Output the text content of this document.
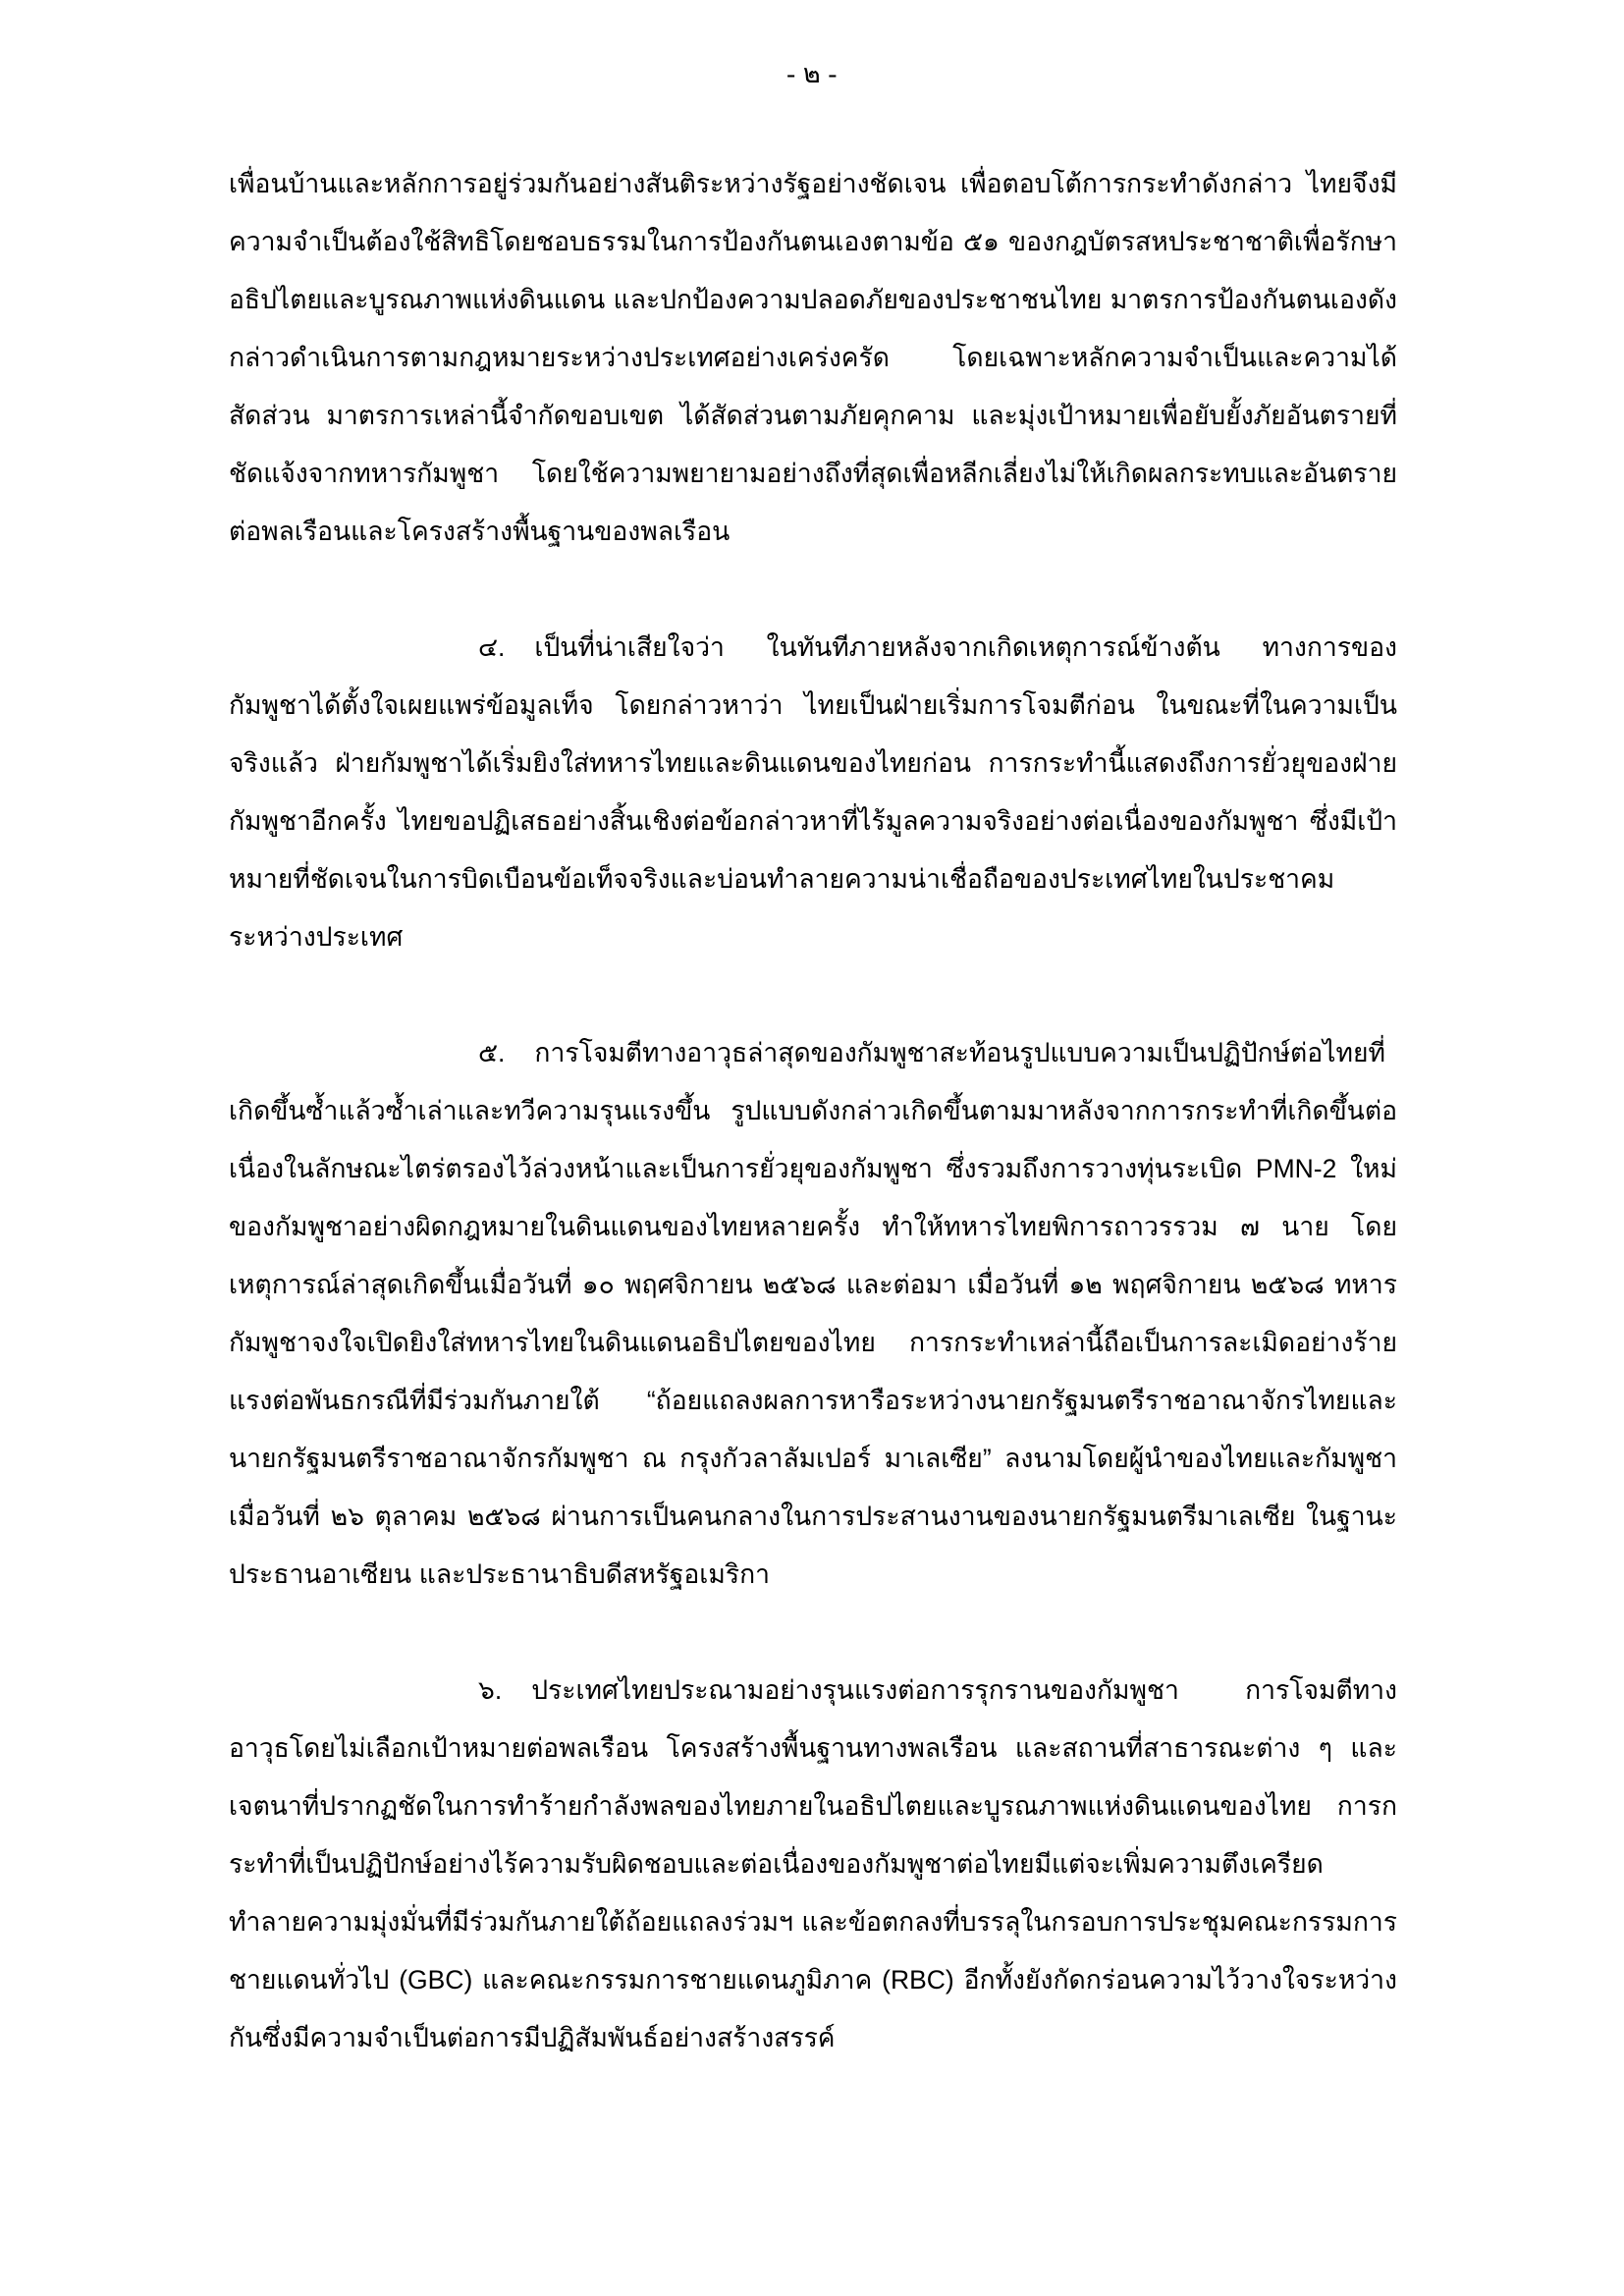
- ๒ -

เพื่อนบ้านและหลักการอยู่ร่วมกันอย่างสันติระหว่างรัฐอย่างชัดเจน เพื่อตอบโต้การกระทำดังกล่าว ไทยจึงมีความจำเป็นต้องใช้สิทธิโดยชอบธรรมในการป้องกันตนเองตามข้อ ๕๑ ของกฎบัตรสหประชาชาติเพื่อรักษาอธิปไตยและบูรณภาพแห่งดินแดน และปกป้องความปลอดภัยของประชาชนไทย มาตรการป้องกันตนเองดังกล่าวดำเนินการตามกฎหมายระหว่างประเทศอย่างเคร่งครัด โดยเฉพาะหลักความจำเป็นและความได้สัดส่วน มาตรการเหล่านี้จำกัดขอบเขต ได้สัดส่วนตามภัยคุกคาม และมุ่งเป้าหมายเพื่อยับยั้งภัยอันตรายที่ชัดแจ้งจากทหารกัมพูชา โดยใช้ความพยายามอย่างถึงที่สุดเพื่อหลีกเลี่ยงไม่ให้เกิดผลกระทบและอันตรายต่อพลเรือนและโครงสร้างพื้นฐานของพลเรือน

๔. เป็นที่น่าเสียใจว่า ในทันทีภายหลังจากเกิดเหตุการณ์ข้างต้น ทางการของกัมพูชาได้ตั้งใจเผยแพร่ข้อมูลเท็จ โดยกล่าวหาว่า ไทยเป็นฝ่ายเริ่มการโจมตีก่อน ในขณะที่ในความเป็นจริงแล้ว ฝ่ายกัมพูชาได้เริ่มยิงใส่ทหารไทยและดินแดนของไทยก่อน การกระทำนี้แสดงถึงการยั่วยุของฝ่ายกัมพูชาอีกครั้ง ไทยขอปฏิเสธอย่างสิ้นเชิงต่อข้อกล่าวหาที่ไร้มูลความจริงอย่างต่อเนื่องของกัมพูชา ซึ่งมีเป้าหมายที่ชัดเจนในการบิดเบือนข้อเท็จจริงและบ่อนทำลายความน่าเชื่อถือของประเทศไทยในประชาคมระหว่างประเทศ

๕. การโจมตีทางอาวุธล่าสุดของกัมพูชาสะท้อนรูปแบบความเป็นปฏิปักษ์ต่อไทยที่เกิดขึ้นซ้ำแล้วซ้ำเล่าและทวีความรุนแรงขึ้น รูปแบบดังกล่าวเกิดขึ้นตามมาหลังจากการกระทำที่เกิดขึ้นต่อเนื่องในลักษณะไตร่ตรองไว้ล่วงหน้าและเป็นการยั่วยุของกัมพูชา ซึ่งรวมถึงการวางทุ่นระเบิด PMN-2 ใหม่ของกัมพูชาอย่างผิดกฎหมายในดินแดนของไทยหลายครั้ง ทำให้ทหารไทยพิการถาวรรวม ๗ นาย โดยเหตุการณ์ล่าสุดเกิดขึ้นเมื่อวันที่ ๑๐ พฤศจิกายน ๒๕๖๘ และต่อมา เมื่อวันที่ ๑๒ พฤศจิกายน ๒๕๖๘ ทหารกัมพูชาจงใจเปิดยิงใส่ทหารไทยในดินแดนอธิปไตยของไทย การกระทำเหล่านี้ถือเป็นการละเมิดอย่างร้ายแรงต่อพันธกรณีที่มีร่วมกันภายใต้ “ถ้อยแถลงผลการหารือระหว่างนายกรัฐมนตรีราชอาณาจักรไทยและนายกรัฐมนตรีราชอาณาจักรกัมพูชา ณ กรุงกัวลาลัมเปอร์ มาเลเซีย” ลงนามโดยผู้นำของไทยและกัมพูชาเมื่อวันที่ ๒๖ ตุลาคม ๒๕๖๘ ผ่านการเป็นคนกลางในการประสานงานของนายกรัฐมนตรีมาเลเซีย ในฐานะประธานอาเซียน และประธานาธิบดีสหรัฐอเมริกา

๖. ประเทศไทยประณามอย่างรุนแรงต่อการรุกรานของกัมพูชา การโจมตีทางอาวุธโดยไม่เลือกเป้าหมายต่อพลเรือน โครงสร้างพื้นฐานทางพลเรือน และสถานที่สาธารณะต่าง ๆ และเจตนาที่ปรากฏชัดในการทำร้ายกำลังพลของไทยภายในอธิปไตยและบูรณภาพแห่งดินแดนของไทย การกระทำที่เป็นปฏิปักษ์อย่างไร้ความรับผิดชอบและต่อเนื่องของกัมพูชาต่อไทยมีแต่จะเพิ่มความตึงเครียด ทำลายความมุ่งมั่นที่มีร่วมกันภายใต้ถ้อยแถลงร่วมฯ และข้อตกลงที่บรรลุในกรอบการประชุมคณะกรรมการชายแดนทั่วไป (GBC) และคณะกรรมการชายแดนภูมิภาค (RBC) อีกทั้งยังกัดกร่อนความไว้วางใจระหว่างกันซึ่งมีความจำเป็นต่อการมีปฏิสัมพันธ์อย่างสร้างสรรค์
